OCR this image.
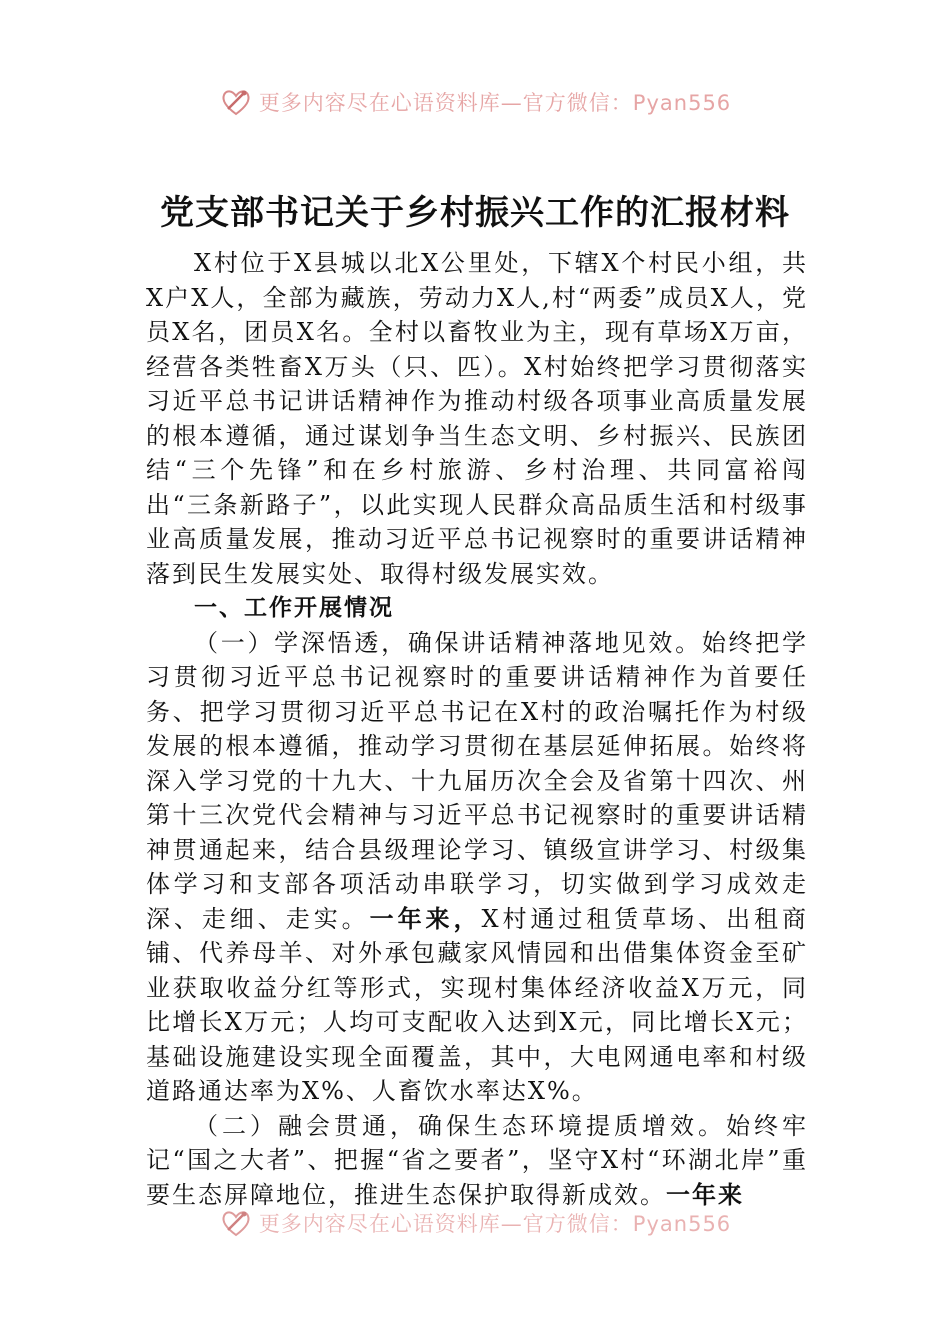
更多内容尽在心语资料库—官方微信：Pyan556
党支部书记关于乡村振兴工作的汇报材料

X村位于X县城以北X公里处，下辖X个村民小组，共X户X人，全部为藏族，劳动力X人,村“两委”成员X人，党员X名，团员X名。全村以畜牧业为主，现有草场X万亩，经营各类牲畜X万头（只、匹）。X村始终把学习贯彻落实习近平总书记讲话精神作为推动村级各项事业高质量发展的根本遵循，通过谋划争当生态文明、乡村振兴、民族团结“三个先锋”和在乡村旅游、乡村治理、共同富裕闯出“三条新路子”，以此实现人民群众高品质生活和村级事业高质量发展，推动习近平总书记视察时的重要讲话精神落到民生发展实处、取得村级发展实效。

一、工作开展情况

（一）学深悟透，确保讲话精神落地见效。始终把学习贯彻习近平总书记视察时的重要讲话精神作为首要任务、把学习贯彻习近平总书记在X村的政治嘱托作为村级发展的根本遵循，推动学习贯彻在基层延伸拓展。始终将深入学习党的十九大、十九届历次全会及省第十四次、州第十三次党代会精神与习近平总书记视察时的重要讲话精神贯通起来，结合县级理论学习、镇级宣讲学习、村级集体学习和支部各项活动串联学习，切实做到学习成效走深、走细、走实。一年来，X村通过租赁草场、出租商铺、代养母羊、对外承包藏家风情园和出借集体资金至矿业获取收益分红等形式，实现村集体经济收益X万元，同比增长X万元；人均可支配收入达到X元，同比增长X元；基础设施建设实现全面覆盖，其中，大电网通电率和村级道路通达率为X%、人畜饮水率达X%。

（二）融会贯通，确保生态环境提质增效。始终牢记“国之大者”、把握“省之要者”，坚守X村“环湖北岸”重要生态屏障地位，推进生态保护取得新成效。一年来

更多内容尽在心语资料库—官方微信：Pyan556
